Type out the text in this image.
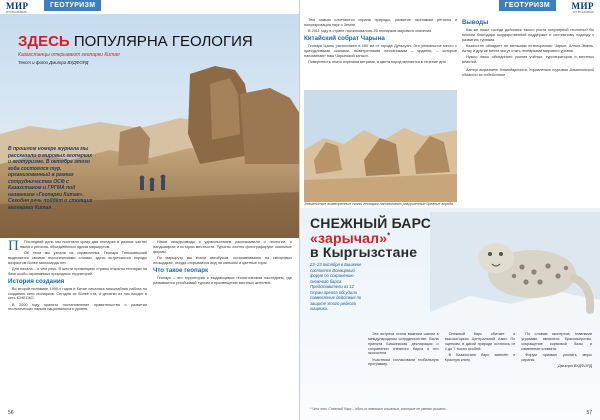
МИР
ИЗ РЕАЛЬНЫХ
ГЕОТУРИЗМ
ЗДЕСЬ ПОПУЛЯРНА ГЕОЛОГИЯ
Казахстанцы открывают геопарки Китая
Текст и фото Дмитра ВУДФОРД
В прошлом номере журнала мы рассказали о мировых геопарках и геотуризме. В октябре этого года состоялся тур, организованный в рамках сотрудничества ОСФ с Казахстаном и ГРГМА под названием «Геопарки Китая». Сегодня речь пойдёт о стоящих геопарках Китая

П Последний день мы посетили сразу два геопарка в разных частях южного региона, объединённых одним маршрутом.

Об этом мы узнали из справочника. Геопарк Тяньшаньский выделяется своими геологическими слоями, здесь встречаются породы возрастом более миллиарда лет.

Для начала – о чём речь. В шести провинциях страны открыты геопарки на базе особо охраняемых природных территорий.

История создания

Во второй половине 1990-х годов в Китае началась масштабная работа по созданию сети геопарков. Сегодня их более ста, и десятки из них входят в сеть ЮНЕСКО.

В 2000 году принято постановление правительства о развитии геологических парков национального уровня.

Наши экскурсоводы с удовольствием рассказывали о геологии, о ландшафтах и истории местности. Туристы охотно фотографируют скальные формы.

По маршруту мы ехали автобусом, останавливаясь на смотровых площадках, откуда открывается вид на каньоны и цветные горы.

Что такое геопарк

Геопарк – это территория с выдающимся геологическим наследием, где развивается устойчивый туризм и просвещение местных жителей.

56
ГЕОТУРИЗМ	МИР
ИЗ РЕАЛЬНЫХ

Тем самым сочетаются охрана природы, развитие экономики региона и популяризация наук о Земле.

В 2011 году в стране насчитывалось 26 геопарков мирового значения.

Китайский собрат Чарына

Геопарк Цзянь расположен в 160 км от города Дуньхуан. Это уникальное место с причудливыми скалами, выветренными песчаниками – ярданги, – которые напоминают наш Чарынский каньон.

Поверхность плато изрезана ветрами, а цвета пород меняются в течение дня.

Знаменитые выветренные скалы геопарка напоминают разрушенные древние города

Выводы

Как же наше соседи добились такого роста популярной геологии? Во многом благодаря государственной поддержке и системному подходу к развитию туризма.

Казахстан обладает не меньшим потенциалом: Чарын, Алтын-Эмель, Актау и другие места могут стать геопарками мирового уровня.

Нужно лишь объединить усилия учёных, туроператоров и местных властей.

Автор выражает благодарность Управлению туризма Алматинской области за содействие

СНЕЖНЫЙ БАРС
«зарычал»*
в Кыргызстане
22–23 октября в Бишкеке состоялся Всемирный форум по сохранению снежного барса. Представители из 12 стран ареала обсудили совместные действия по защите этого редкого хищника.

Эта встреча стала важным шагом в международном сотрудничестве. Была принята Бишкекская декларация о сохранении снежного барса и его экосистем.

Участники согласовали глобальную программу.

Снежный барс обитает в высокогорьях Центральной Азии. По оценкам, в дикой природе осталось от 4 до 7 тысяч особей.

В Казахстане барс занесён в Красную книгу.

По словам экспертов, главными угрозами являются браконьерство, сокращение кормовой базы и изменение климата.

Форум призвал усилить меры охраны.

Дмитра ВУДФОРД

* Что это. Снежный барс – один из немногих кошачьих, которые не умеют рычать.
57
